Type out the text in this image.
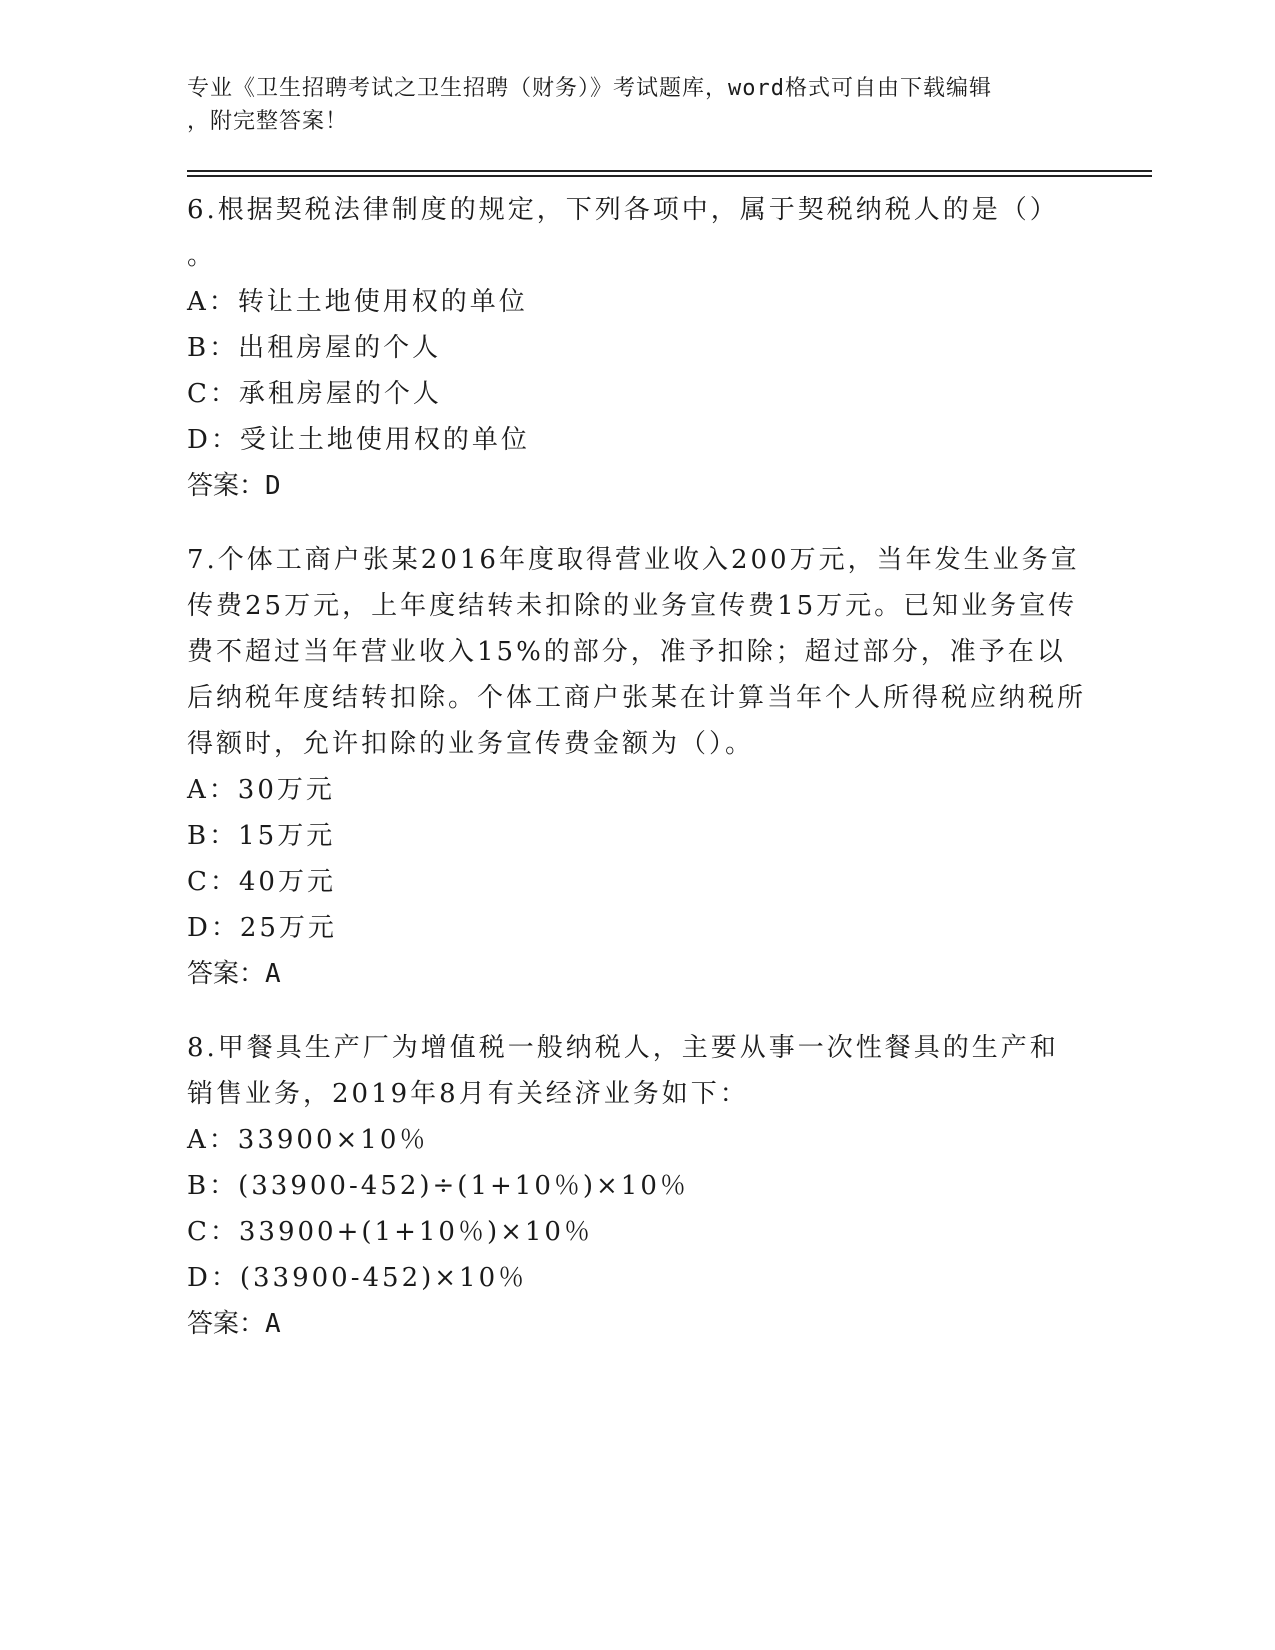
专业《卫生招聘考试之卫生招聘（财务）》考试题库，word格式可自由下载编辑
，附完整答案！

6.根据契税法律制度的规定，下列各项中，属于契税纳税人的是（）
。

A：转让土地使用权的单位

B：出租房屋的个人

C：承租房屋的个人

D：受让土地使用权的单位

答案：D

7.个体工商户张某2016年度取得营业收入200万元，当年发生业务宣传费25万元，上年度结转未扣除的业务宣传费15万元。已知业务宣传费不超过当年营业收入15%的部分，准予扣除；超过部分，准予在以后纳税年度结转扣除。个体工商户张某在计算当年个人所得税应纳税所得额时，允许扣除的业务宣传费金额为（）。

A：30万元

B：15万元

C：40万元

D：25万元

答案：A

8.甲餐具生产厂为增值税一般纳税人，主要从事一次性餐具的生产和销售业务，2019年8月有关经济业务如下：

A：33900×10％

B：(33900-452)÷(1+10％)×10％

C：33900+(1+10％)×10％

D：(33900-452)×10％

答案：A
